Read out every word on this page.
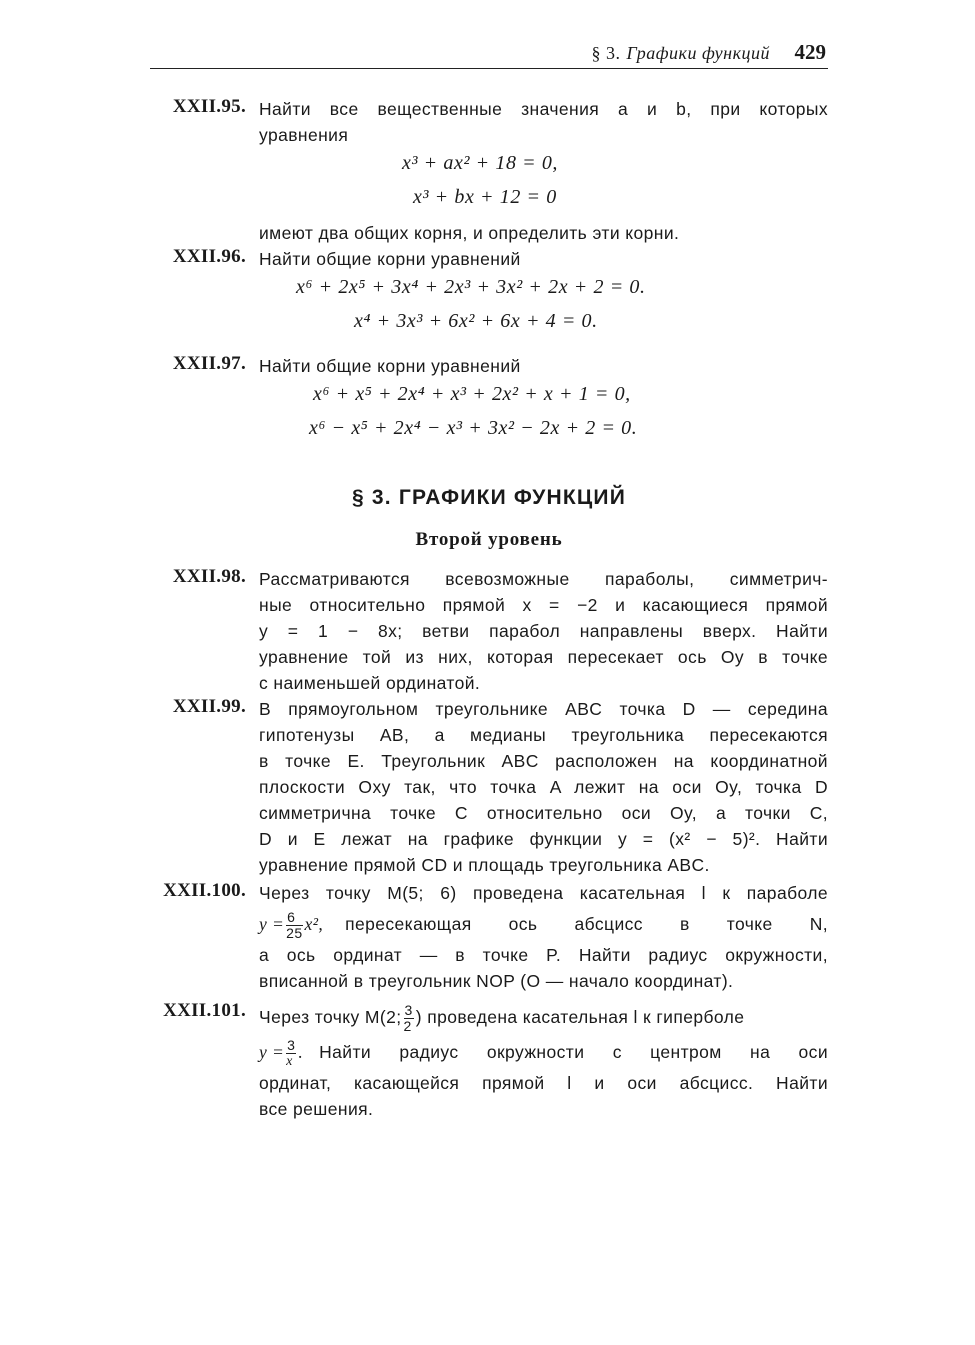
§ 3. Графики функций 429
XXII.95. Найти все вещественные значения a и b, при которых
уравнения
x³ + ax² + 18 = 0,
x³ + bx + 12 = 0
имеют два общих корня, и определить эти корни.
XXII.96. Найти общие корни уравнений
x⁶ + 2x⁵ + 3x⁴ + 2x³ + 3x² + 2x + 2 = 0.
x⁴ + 3x³ + 6x² + 6x + 4 = 0.
XXII.97. Найти общие корни уравнений
x⁶ + x⁵ + 2x⁴ + x³ + 2x² + x + 1 = 0,
x⁶ − x⁵ + 2x⁴ − x³ + 3x² − 2x + 2 = 0.
§ 3. ГРАФИКИ ФУНКЦИЙ
Второй уровень
XXII.98. Рассматриваются всевозможные параболы, симметрич-
ные относительно прямой x = −2 и касающиеся прямой
y = 1 − 8x; ветви парабол направлены вверх. Найти
уравнение той из них, которая пересекает ось Oy в точке
с наименьшей ординатой.
XXII.99. В прямоугольном треугольнике ABC точка D — середина
гипотенузы AB, а медианы треугольника пересекаются
в точке E. Треугольник ABC расположен на координатной
плоскости Oxy так, что точка A лежит на оси Oy, точка D
симметрична точке C относительно оси Oy, а точки C,
D и E лежат на графике функции y = (x² − 5)². Найти
уравнение прямой CD и площадь треугольника ABC.
XXII.100. Через точку M(5; 6) проведена касательная l к параболе
$y = \frac{6}{25} x^2$, пересекающая ось абсцисс в точке N,
а ось ординат — в точке P. Найти радиус окружности,
вписанной в треугольник NOP (O — начало координат).
XXII.101. Через точку M(2; $\frac{3}{2}$ ) проведена касательная l к гиперболе
$y = \frac{3}{x}$ . Найти радиус окружности с центром на оси
ординат, касающейся прямой l и оси абсцисс. Найти
все решения.
